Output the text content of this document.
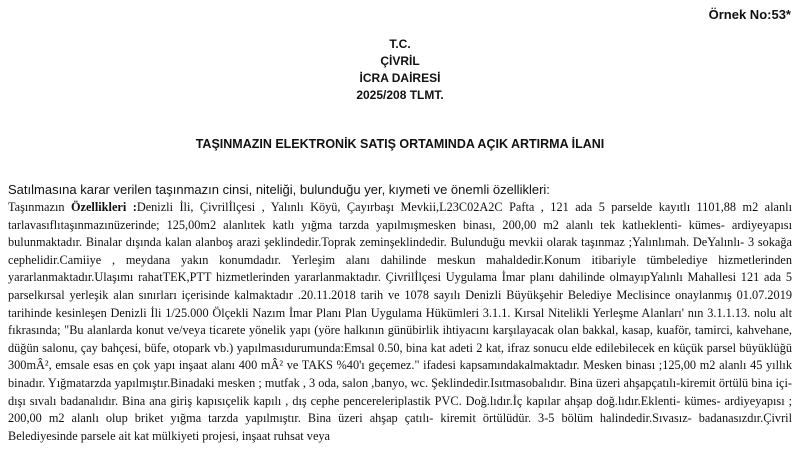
Örnek No:53*
T.C.
ÇİVRİL
İCRA DAİRESİ
2025/208 TLMT.
TAŞINMAZIN ELEKTRONİK SATIŞ ORTAMINDA AÇIK ARTIRMA İLANI
Satılmasına karar verilen taşınmazın cinsi, niteliği, bulunduğu yer, kıymeti ve önemli özellikleri:
Taşınmazın Özellikleri :Denizli İli, Çivrilİlçesi , Yalınlı Köyü, Çayırbaşı Mevkii,L23C02A2C Pafta , 121 ada 5 parselde kayıtlı 1101,88 m2 alanlı tarlavasıflıtaşınmazınüzerinde; 125,00m2 alanlıtek katlı yığma tarzda yapılmışmesken binası, 200,00 m2 alanlı tek katlıeklenti- kümes- ardiyeyapısı bulunmaktadır. Binalar dışında kalan alanboş arazi şeklindedir.Toprak zeminşeklindedir. Bulunduğu mevkii olarak taşınmaz ;Yalınlımah. DeYalınlı- 3 sokağa cephelidir.Camiiye , meydana yakın konumdadır. Yerleşim alanı dahilinde meskun mahaldedir.Konum itibariyle tümbelediye hizmetlerinden yararlanmaktadır.Ulaşımı rahatTEK,PTT hizmetlerinden yararlanmaktadır. Çivrilİlçesi Uygulama İmar planı dahilinde olmayıpYalınlı Mahallesi 121 ada 5 parselkırsal yerleşik alan sınırları içerisinde kalmaktadır .20.11.2018 tarih ve 1078 sayılı Denizli Büyükşehir Belediye Meclisince onaylanmış 01.07.2019 tarihinde kesinleşen Denizli İli 1/25.000 Ölçekli Nazım İmar Planı Plan Uygulama Hükümleri 3.1.1. Kırsal Nitelikli Yerleşme Alanları' nın 3.1.1.13. nolu alt fıkrasında; "Bu alanlarda konut ve/veya ticarete yönelik yapı (yöre halkının günübirlik ihtiyacını karşılayacak olan bakkal, kasap, kuaför, tamirci, kahvehane, düğün salonu, çay bahçesi, büfe, otopark vb.) yapılmasıdurumunda:Emsal 0.50, bina kat adeti 2 kat, ifraz sonucu elde edilebilecek en küçük parsel büyüklüğü 300mÂ², emsale esas en çok yapı inşaat alanı 400 mÂ² ve TAKS %40'ı geçemez." ifadesi kapsamındakalmaktadır. Mesken binası ;125,00 m2 alanlı 45 yıllık binadır. Yığmatarzda yapılmıştır.Binadaki mesken ; mutfak , 3 oda, salon ,banyo, wc. Şeklindedir.Isıtmasobalıdır. Bina üzeri ahşapçatılı-kiremit örtülü bina içi- dışı sıvalı badanalıdır. Bina ana giriş kapısıçelik kapılı , dış cephe pencereleriplastik PVC. Doğ.lıdır.İç kapılar ahşap doğ.lıdır.Eklenti- kümes- ardiyeyapısı ; 200,00 m2 alanlı olup briket yığma tarzda yapılmıştır. Bina üzeri ahşap çatılı- kiremit örtülüdür. 3-5 bölüm halindedir.Sıvasız- badanasızdır.Çivril Belediyesinde parsele ait kat mülkiyeti projesi, inşaat ruhsat veya
